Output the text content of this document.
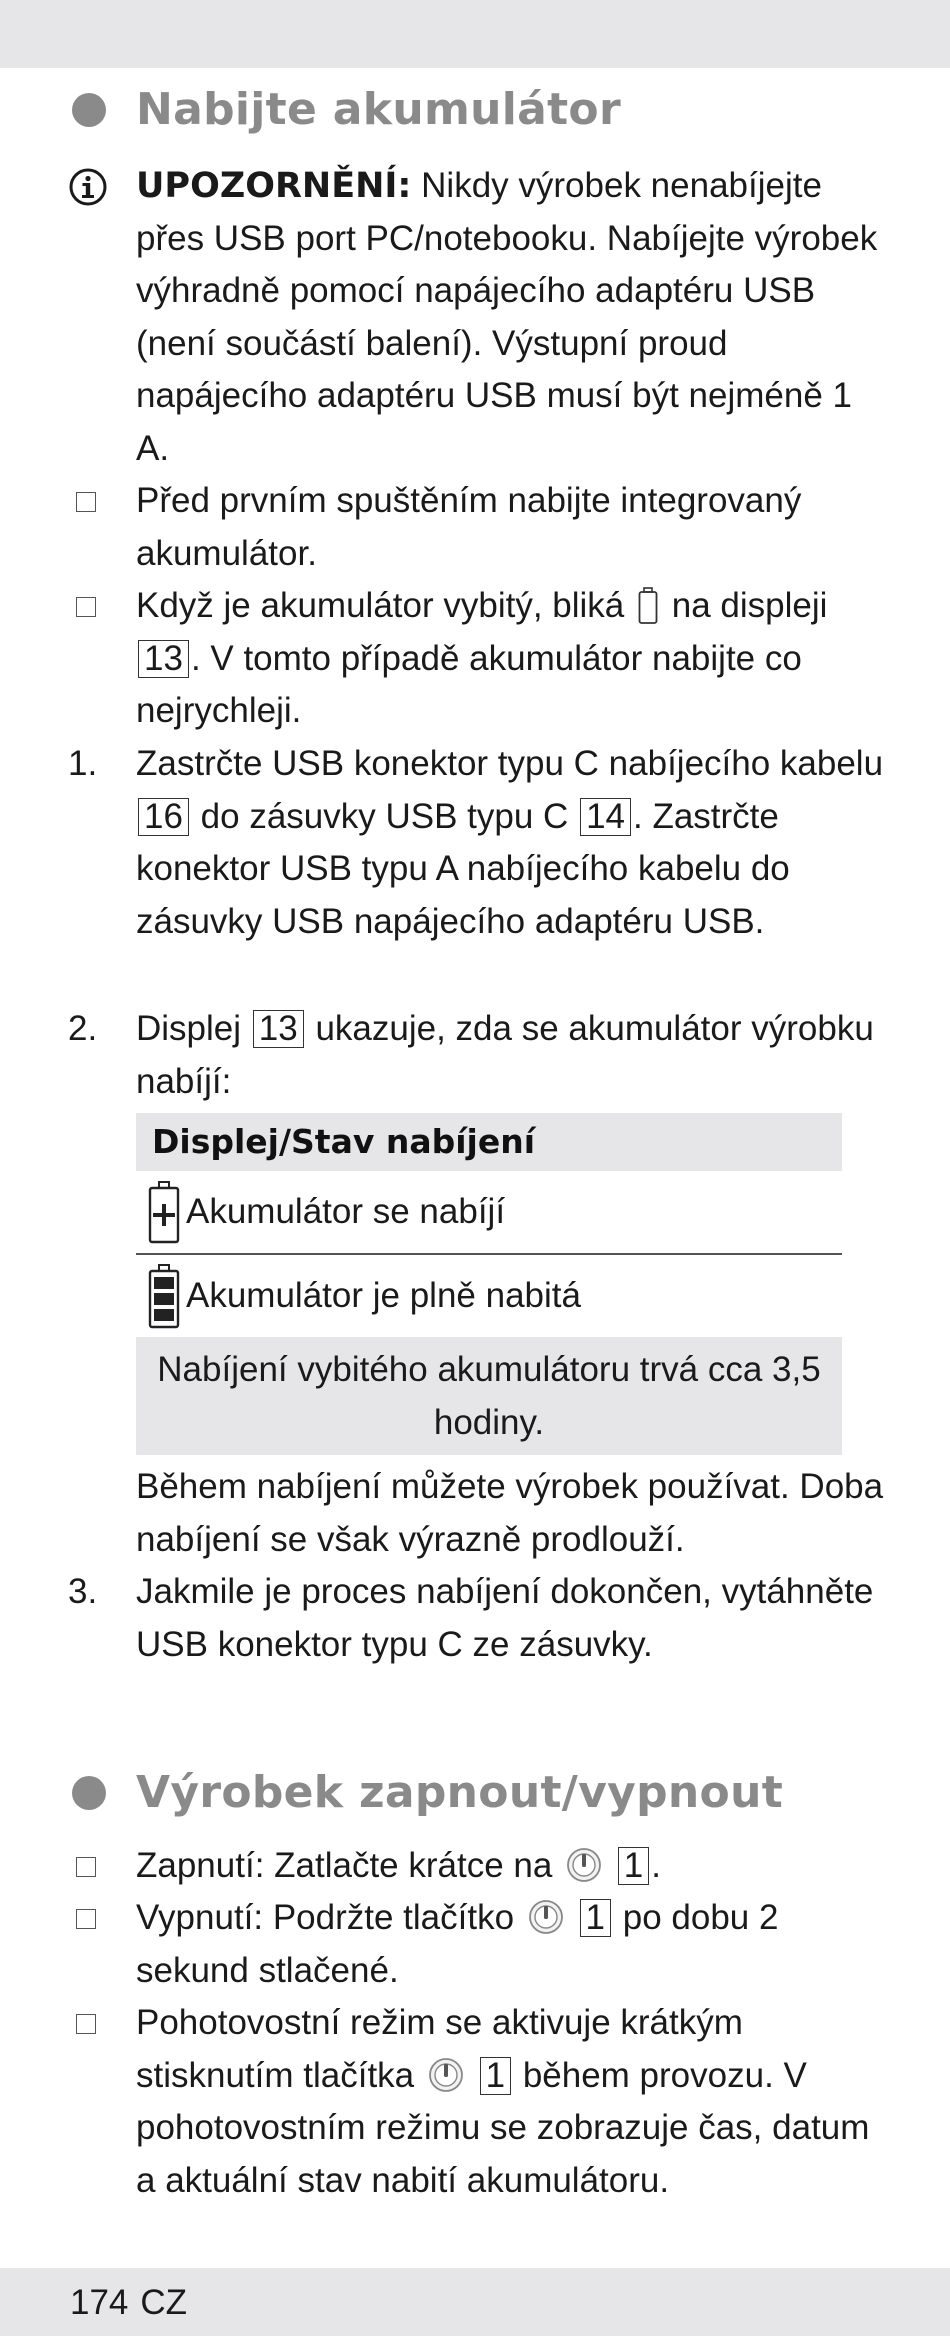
Nabijte akumulátor
UPOZORNĚNÍ: Nikdy výrobek nenabíjejte přes USB port PC/notebooku. Nabíjejte výrobek výhradně pomocí napájecího adaptéru USB (není součástí balení). Výstupní proud napájecího adaptéru USB musí být nejméně 1 A.
Před prvním spuštěním nabijte integrovaný akumulátor.
Když je akumulátor vybitý, bliká na displeji 13 . V tomto případě akumulátor nabijte co nejrychleji.
1. Zastrčte USB konektor typu C nabíjecího kabelu 16 do zásuvky USB typu C 14 . Zastrčte konektor USB typu A nabíjecího kabelu do zásuvky USB napájecího adaptéru USB.
2. Displej 13 ukazuje, zda se akumulátor výrobku nabíjí:
Displej/Stav nabíjení
Akumulátor se nabíjí
Akumulátor je plně nabitá
Nabíjení vybitého akumulátoru trvá cca 3,5 hodiny.
Během nabíjení můžete výrobek používat. Doba nabíjení se však výrazně prodlouží.
3. Jakmile je proces nabíjení dokončen, vytáhněte USB konektor typu C ze zásuvky.
Výrobek zapnout/vypnout
Zapnutí: Zatlačte krátce na 1 .
Vypnutí: Podržte tlačítko 1 po dobu 2 sekund stlačené.
Pohotovostní režim se aktivuje krátkým stisknutím tlačítka 1 během provozu. V pohotovostním režimu se zobrazuje čas, datum a aktuální stav nabití akumulátoru.
174 CZ
